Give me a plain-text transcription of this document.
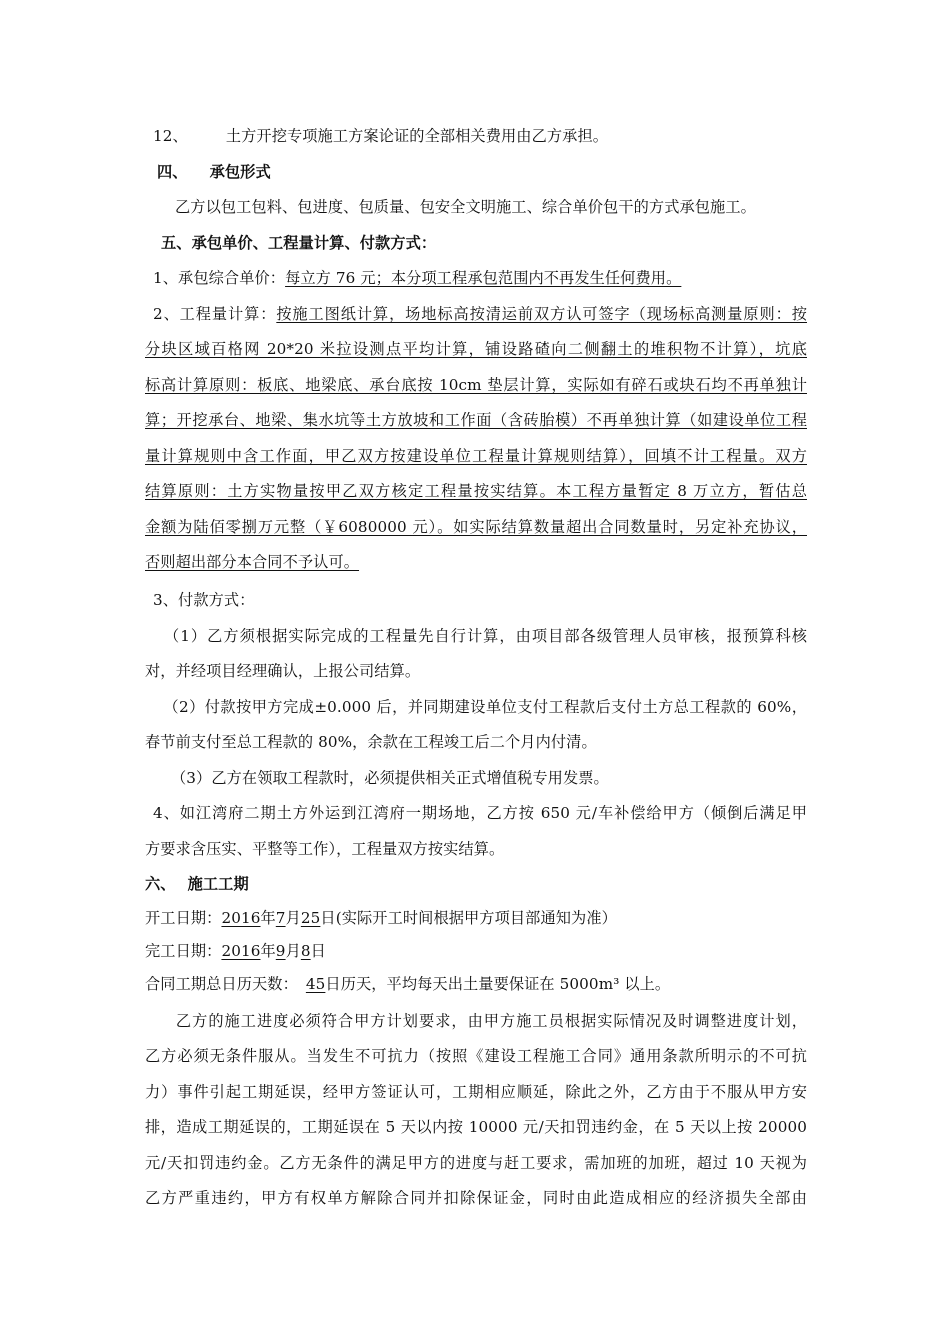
12、	土方开挖专项施工方案论证的全部相关费用由乙方承担。
四、 承包形式
乙方以包工包料、包进度、包质量、包安全文明施工、综合单价包干的方式承包施工。
五、承包单价、工程量计算、付款方式：
1、承包综合单价：每立方 76 元；本分项工程承包范围内不再发生任何费用。
2、工程量计算：按施工图纸计算，场地标高按清运前双方认可签字（现场标高测量原则：按
分块区域百格网 20*20 米拉设测点平均计算，铺设路碴向二侧翻土的堆积物不计算），坑底
标高计算原则：板底、地梁底、承台底按 10cm 垫层计算，实际如有碎石或块石均不再单独计
算；开挖承台、地梁、集水坑等土方放坡和工作面（含砖胎模）不再单独计算（如建设单位工程
量计算规则中含工作面，甲乙双方按建设单位工程量计算规则结算），回填不计工程量。双方
结算原则：土方实物量按甲乙双方核定工程量按实结算。本工程方量暂定 8 万立方，暂估总
金额为陆佰零捌万元整（￥6080000 元）。如实际结算数量超出合同数量时，另定补充协议，
否则超出部分本合同不予认可。
3、付款方式：
（1）乙方须根据实际完成的工程量先自行计算，由项目部各级管理人员审核，报预算科核
对，并经项目经理确认，上报公司结算。
（2）付款按甲方完成±0.000 后，并同期建设单位支付工程款后支付土方总工程款的 60%，
春节前支付至总工程款的 80%，余款在工程竣工后二个月内付清。
（3）乙方在领取工程款时，必须提供相关正式增值税专用发票。
4、如江湾府二期土方外运到江湾府一期场地，乙方按 650 元/车补偿给甲方（倾倒后满足甲
方要求含压实、平整等工作），工程量双方按实结算。
六、 施工工期
开工日期：2016年7月25日(实际开工时间根据甲方项目部通知为准）
完工日期：2016年9月8日
合同工期总日历天数： 45日历天，平均每天出土量要保证在 5000m³ 以上。
乙方的施工进度必须符合甲方计划要求，由甲方施工员根据实际情况及时调整进度计划，
乙方必须无条件服从。当发生不可抗力（按照《建设工程施工合同》通用条款所明示的不可抗
力）事件引起工期延误，经甲方签证认可，工期相应顺延，除此之外，乙方由于不服从甲方安
排，造成工期延误的，工期延误在 5 天以内按 10000 元/天扣罚违约金，在 5 天以上按 20000
元/天扣罚违约金。乙方无条件的满足甲方的进度与赶工要求，需加班的加班，超过 10 天视为
乙方严重违约，甲方有权单方解除合同并扣除保证金，同时由此造成相应的经济损失全部由
